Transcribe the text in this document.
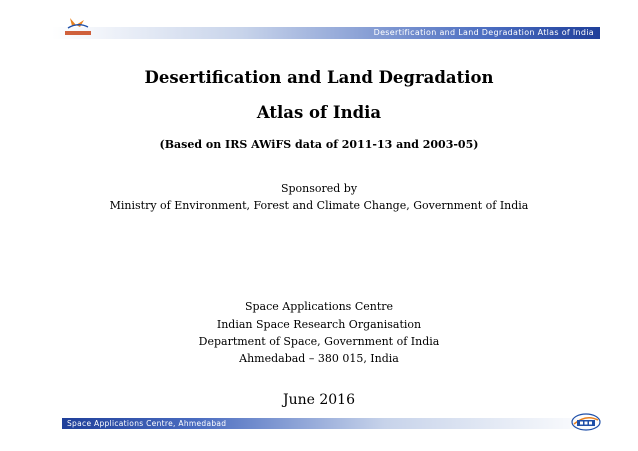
Desertification and Land Degradation Atlas of India
Desertification and Land Degradation
Atlas of India
(Based on IRS AWiFS data of 2011-13 and 2003-05)
Sponsored by
Ministry of Environment, Forest and Climate Change, Government of India
Space Applications Centre
Indian Space Research Organisation
Department of Space, Government of India
Ahmedabad – 380 015, India
June 2016
Space Applications Centre, Ahmedabad
